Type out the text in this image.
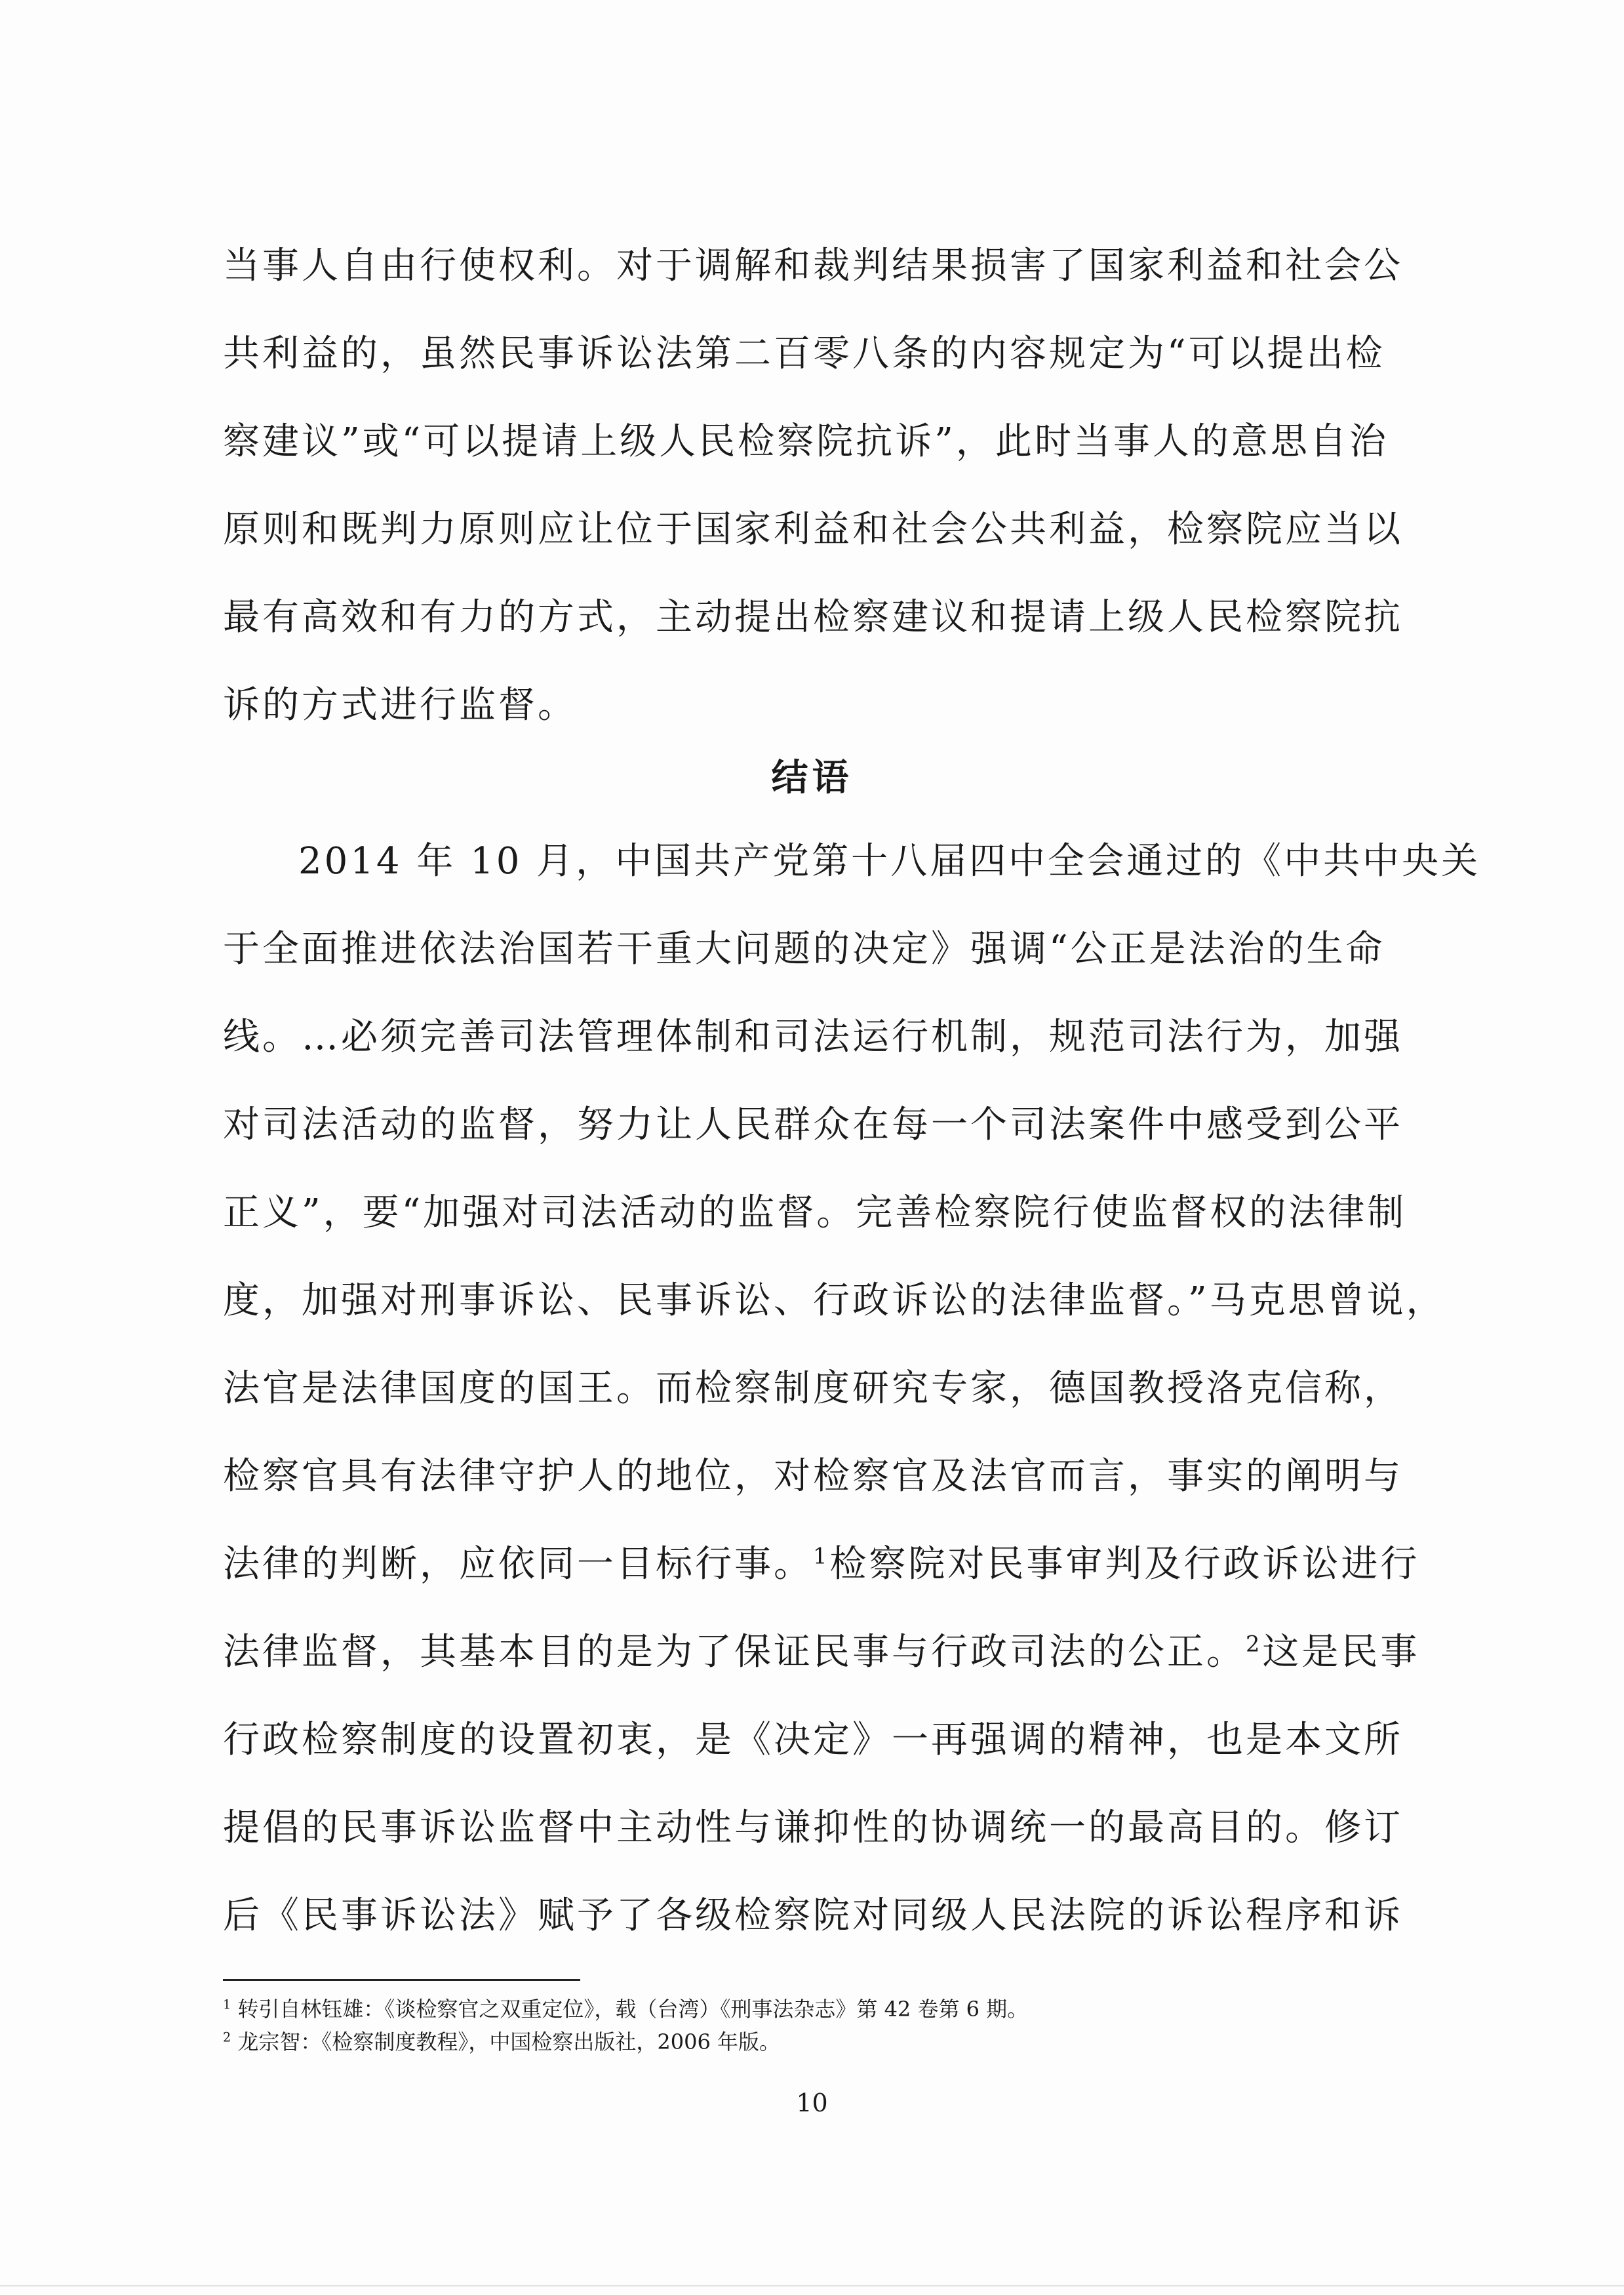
当事人自由行使权利。对于调解和裁判结果损害了国家利益和社会公
共利益的，虽然民事诉讼法第二百零八条的内容规定为“可以提出检
察建议”或“可以提请上级人民检察院抗诉”，此时当事人的意思自治
原则和既判力原则应让位于国家利益和社会公共利益，检察院应当以
最有高效和有力的方式，主动提出检察建议和提请上级人民检察院抗
诉的方式进行监督。
结语
2014 年 10 月，中国共产党第十八届四中全会通过的《中共中央关
于全面推进依法治国若干重大问题的决定》强调“公正是法治的生命
线。…必须完善司法管理体制和司法运行机制，规范司法行为，加强
对司法活动的监督，努力让人民群众在每一个司法案件中感受到公平
正义”，要“加强对司法活动的监督。完善检察院行使监督权的法律制
度，加强对刑事诉讼、民事诉讼、行政诉讼的法律监督。”马克思曾说，
法官是法律国度的国王。而检察制度研究专家，德国教授洛克信称，
检察官具有法律守护人的地位，对检察官及法官而言，事实的阐明与
法律的判断，应依同一目标行事。$^1$检察院对民事审判及行政诉讼进行
法律监督，其基本目的是为了保证民事与行政司法的公正。$^2$这是民事
行政检察制度的设置初衷，是《决定》一再强调的精神，也是本文所
提倡的民事诉讼监督中主动性与谦抑性的协调统一的最高目的。修订
后《民事诉讼法》赋予了各级检察院对同级人民法院的诉讼程序和诉
$^1$ 转引自林钰雄：《谈检察官之双重定位》，载（台湾）《刑事法杂志》第 42 卷第 6 期。
$^2$ 龙宗智：《检察制度教程》，中国检察出版社，2006 年版。
10
